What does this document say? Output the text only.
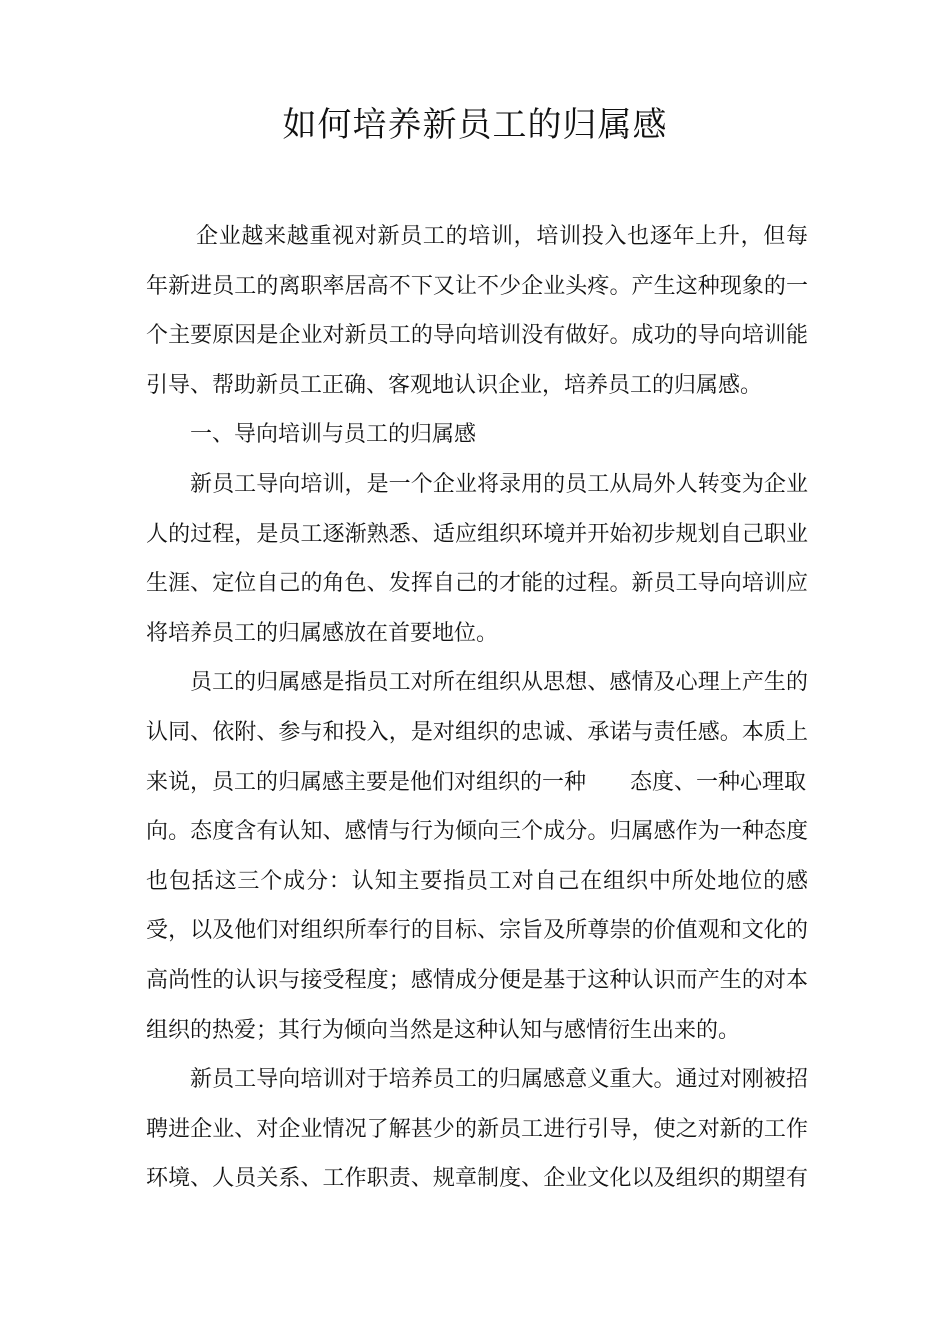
如何培养新员工的归属感
企业越来越重视对新员工的培训，培训投入也逐年上升，但每
年新进员工的离职率居高不下又让不少企业头疼。产生这种现象的一
个主要原因是企业对新员工的导向培训没有做好。成功的导向培训能
引导、帮助新员工正确、客观地认识企业，培养员工的归属感。
一、导向培训与员工的归属感
新员工导向培训，是一个企业将录用的员工从局外人转变为企业
人的过程，是员工逐渐熟悉、适应组织环境并开始初步规划自己职业
生涯、定位自己的角色、发挥自己的才能的过程。新员工导向培训应
将培养员工的归属感放在首要地位。
员工的归属感是指员工对所在组织从思想、感情及心理上产生的
认同、依附、参与和投入，是对组织的忠诚、承诺与责任感。本质上
来说，员工的归属感主要是他们对组织的一种 态度、一种心理取
向。态度含有认知、感情与行为倾向三个成分。归属感作为一种态度
也包括这三个成分：认知主要指员工对自己在组织中所处地位的感
受，以及他们对组织所奉行的目标、宗旨及所尊崇的价值观和文化的
高尚性的认识与接受程度；感情成分便是基于这种认识而产生的对本
组织的热爱；其行为倾向当然是这种认知与感情衍生出来的。
新员工导向培训对于培养员工的归属感意义重大。通过对刚被招
聘进企业、对企业情况了解甚少的新员工进行引导，使之对新的工作
环境、人员关系、工作职责、规章制度、企业文化以及组织的期望有
